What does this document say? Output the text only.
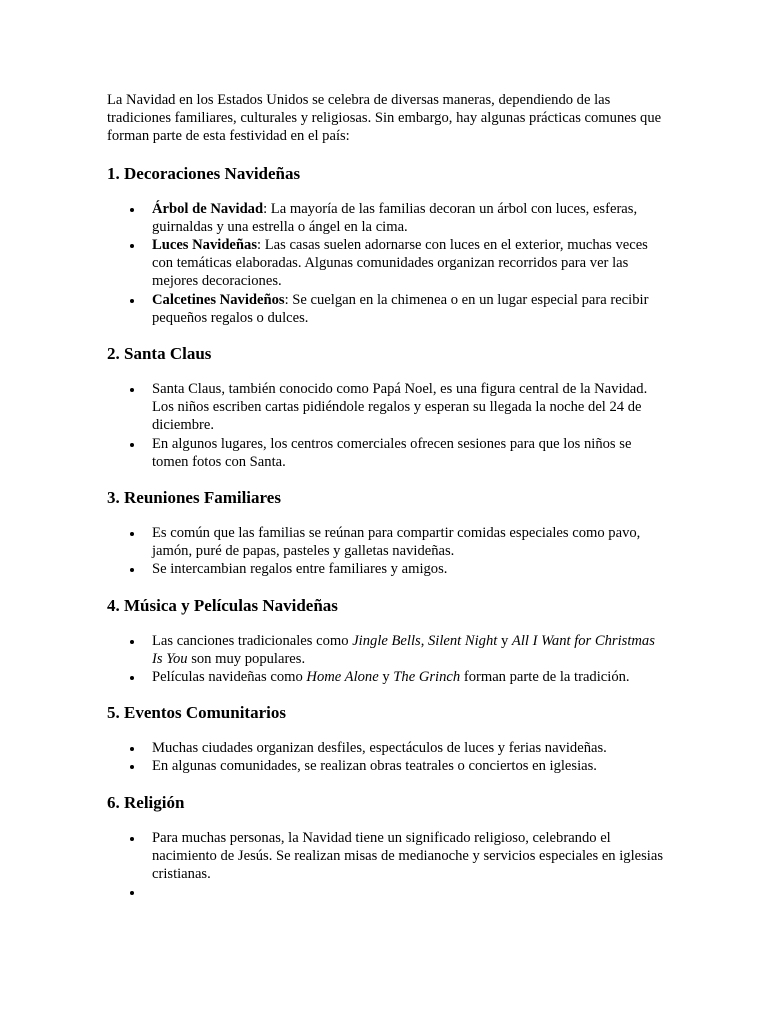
La Navidad en los Estados Unidos se celebra de diversas maneras, dependiendo de las tradiciones familiares, culturales y religiosas. Sin embargo, hay algunas prácticas comunes que forman parte de esta festividad en el país:

1. Decoraciones Navideñas
Árbol de Navidad: La mayoría de las familias decoran un árbol con luces, esferas, guirnaldas y una estrella o ángel en la cima.
Luces Navideñas: Las casas suelen adornarse con luces en el exterior, muchas veces con temáticas elaboradas. Algunas comunidades organizan recorridos para ver las mejores decoraciones.
Calcetines Navideños: Se cuelgan en la chimenea o en un lugar especial para recibir pequeños regalos o dulces.
2. Santa Claus
Santa Claus, también conocido como Papá Noel, es una figura central de la Navidad. Los niños escriben cartas pidiéndole regalos y esperan su llegada la noche del 24 de diciembre.
En algunos lugares, los centros comerciales ofrecen sesiones para que los niños se tomen fotos con Santa.
3. Reuniones Familiares
Es común que las familias se reúnan para compartir comidas especiales como pavo, jamón, puré de papas, pasteles y galletas navideñas.
Se intercambian regalos entre familiares y amigos.
4. Música y Películas Navideñas
Las canciones tradicionales como Jingle Bells, Silent Night y All I Want for Christmas Is You son muy populares.
Películas navideñas como Home Alone y The Grinch forman parte de la tradición.
5. Eventos Comunitarios
Muchas ciudades organizan desfiles, espectáculos de luces y ferias navideñas.
En algunas comunidades, se realizan obras teatrales o conciertos en iglesias.
6. Religión
Para muchas personas, la Navidad tiene un significado religioso, celebrando el nacimiento de Jesús. Se realizan misas de medianoche y servicios especiales en iglesias cristianas.
